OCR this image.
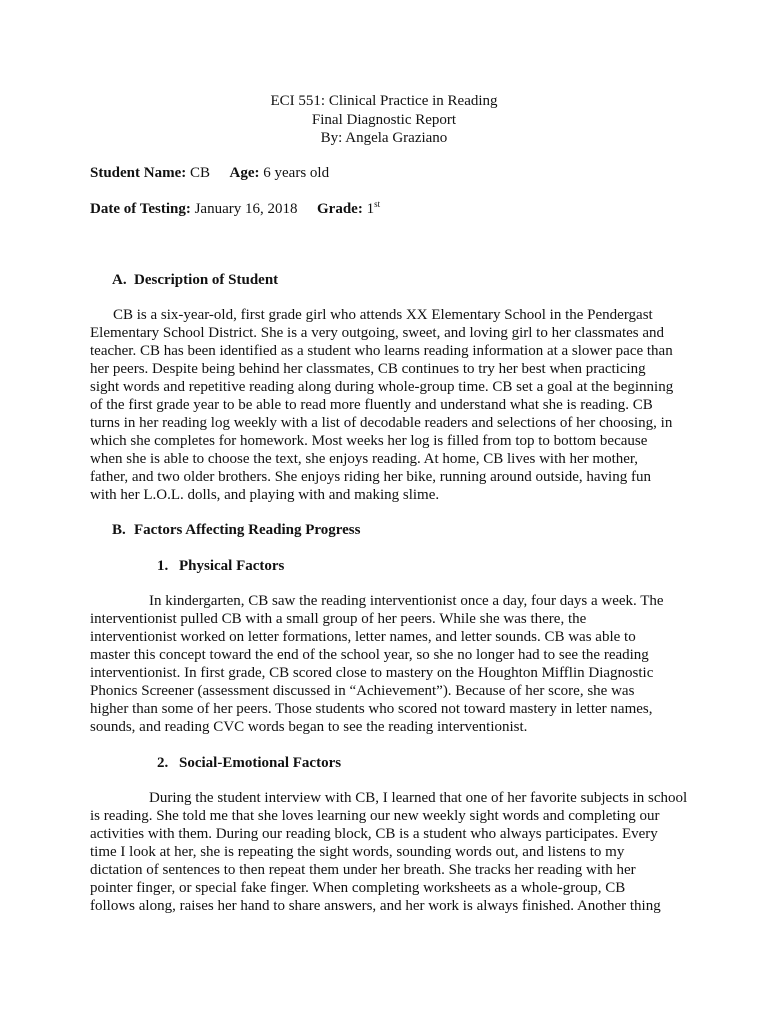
ECI 551: Clinical Practice in Reading
Final Diagnostic Report
By: Angela Graziano
Student Name: CB Age: 6 years old
Date of Testing: January 16, 2018 Grade: 1st
A. Description of Student
CB is a six-year-old, first grade girl who attends XX Elementary School in the Pendergast
Elementary School District. She is a very outgoing, sweet, and loving girl to her classmates and
teacher. CB has been identified as a student who learns reading information at a slower pace than
her peers. Despite being behind her classmates, CB continues to try her best when practicing
sight words and repetitive reading along during whole-group time. CB set a goal at the beginning
of the first grade year to be able to read more fluently and understand what she is reading. CB
turns in her reading log weekly with a list of decodable readers and selections of her choosing, in
which she completes for homework. Most weeks her log is filled from top to bottom because
when she is able to choose the text, she enjoys reading. At home, CB lives with her mother,
father, and two older brothers. She enjoys riding her bike, running around outside, having fun
with her L.O.L. dolls, and playing with and making slime.
B. Factors Affecting Reading Progress
1. Physical Factors
In kindergarten, CB saw the reading interventionist once a day, four days a week. The
interventionist pulled CB with a small group of her peers. While she was there, the
interventionist worked on letter formations, letter names, and letter sounds. CB was able to
master this concept toward the end of the school year, so she no longer had to see the reading
interventionist. In first grade, CB scored close to mastery on the Houghton Mifflin Diagnostic
Phonics Screener (assessment discussed in “Achievement”). Because of her score, she was
higher than some of her peers. Those students who scored not toward mastery in letter names,
sounds, and reading CVC words began to see the reading interventionist.
2. Social-Emotional Factors
During the student interview with CB, I learned that one of her favorite subjects in school
is reading. She told me that she loves learning our new weekly sight words and completing our
activities with them. During our reading block, CB is a student who always participates. Every
time I look at her, she is repeating the sight words, sounding words out, and listens to my
dictation of sentences to then repeat them under her breath. She tracks her reading with her
pointer finger, or special fake finger. When completing worksheets as a whole-group, CB
follows along, raises her hand to share answers, and her work is always finished. Another thing
